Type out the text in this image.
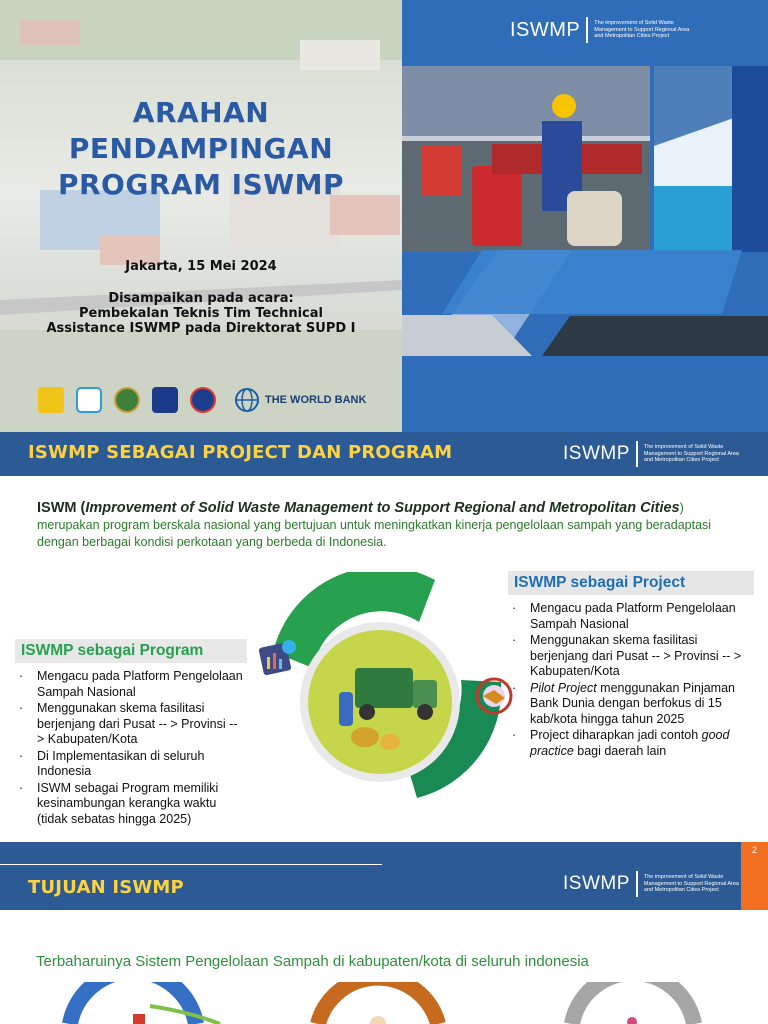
ARAHAN
PENDAMPINGAN
PROGRAM ISWMP
Jakarta, 15 Mei 2024
Disampaikan pada acara:
Pembekalan Teknis Tim Technical
Assistance ISWMP pada Direktorat SUPD I
THE WORLD BANK
ISWMP	The improvement of Solid Waste Management to Support Regional Area and Metropolitan Cities Project
ISWMP SEBAGAI PROJECT DAN PROGRAM	ISWMP	The improvement of Solid Waste Management to Support Regional Area and Metropolitan Cities Project
ISWM (Improvement of Solid Waste Management to Support Regional and Metropolitan Cities) merupakan program berskala nasional yang bertujuan untuk meningkatkan kinerja pengelolaan sampah yang beradaptasi dengan berbagai kondisi perkotaan yang berbeda di Indonesia.
ISWMP sebagai Program
· Mengacu pada Platform Pengelolaan Sampah Nasional
· Menggunakan skema fasilitasi berjenjang dari Pusat -- > Provinsi -- > Kabupaten/Kota
· Di Implementasikan di seluruh Indonesia
· ISWM sebagai Program memiliki kesinambungan kerangka waktu (tidak sebatas hingga 2025)
ISWMP sebagai Project
· Mengacu pada Platform Pengelolaan Sampah Nasional
· Menggunakan skema fasilitasi berjenjang dari Pusat -- > Provinsi -- > Kabupaten/Kota
· Pilot Project menggunakan Pinjaman Bank Dunia dengan berfokus di 15 kab/kota hingga tahun 2025
· Project diharapkan jadi contoh good practice bagi daerah lain
TUJUAN ISWMP	ISWMP	The improvement of Solid Waste Management to Support Regional Area and Metropolitan Cities Project
2
Terbaharuinya Sistem Pengelolaan Sampah di kabupaten/kota di seluruh indonesia
